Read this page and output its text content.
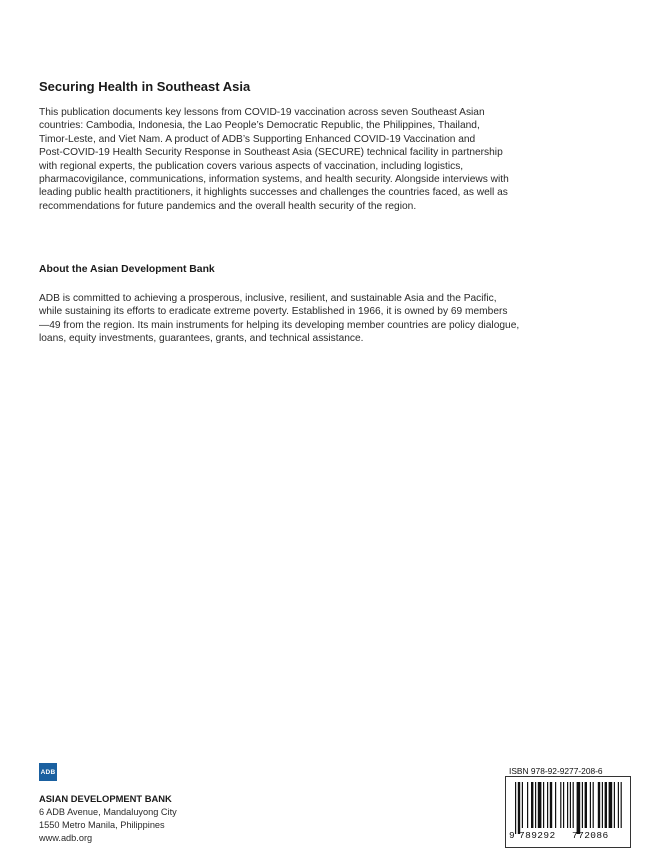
Securing Health in Southeast Asia
This publication documents key lessons from COVID-19 vaccination across seven Southeast Asian
countries: Cambodia, Indonesia, the Lao People’s Democratic Republic, the Philippines, Thailand,
Timor-Leste, and Viet Nam. A product of ADB’s Supporting Enhanced COVID-19 Vaccination and
Post-COVID-19 Health Security Response in Southeast Asia (SECURE) technical facility in partnership
with regional experts, the publication covers various aspects of vaccination, including logistics,
pharmacovigilance, communications, information systems, and health security. Alongside interviews with
leading public health practitioners, it highlights successes and challenges the countries faced, as well as
recommendations for future pandemics and the overall health security of the region.
About the Asian Development Bank
ADB is committed to achieving a prosperous, inclusive, resilient, and sustainable Asia and the Pacific,
while sustaining its efforts to eradicate extreme poverty. Established in 1966, it is owned by 69 members
—49 from the region. Its main instruments for helping its developing member countries are policy dialogue,
loans, equity investments, guarantees, grants, and technical assistance.
ADB
ASIAN DEVELOPMENT BANK
6 ADB Avenue, Mandaluyong City
1550 Metro Manila, Philippines
www.adb.org
ISBN 978-92-9277-208-6
9 789292 772086
